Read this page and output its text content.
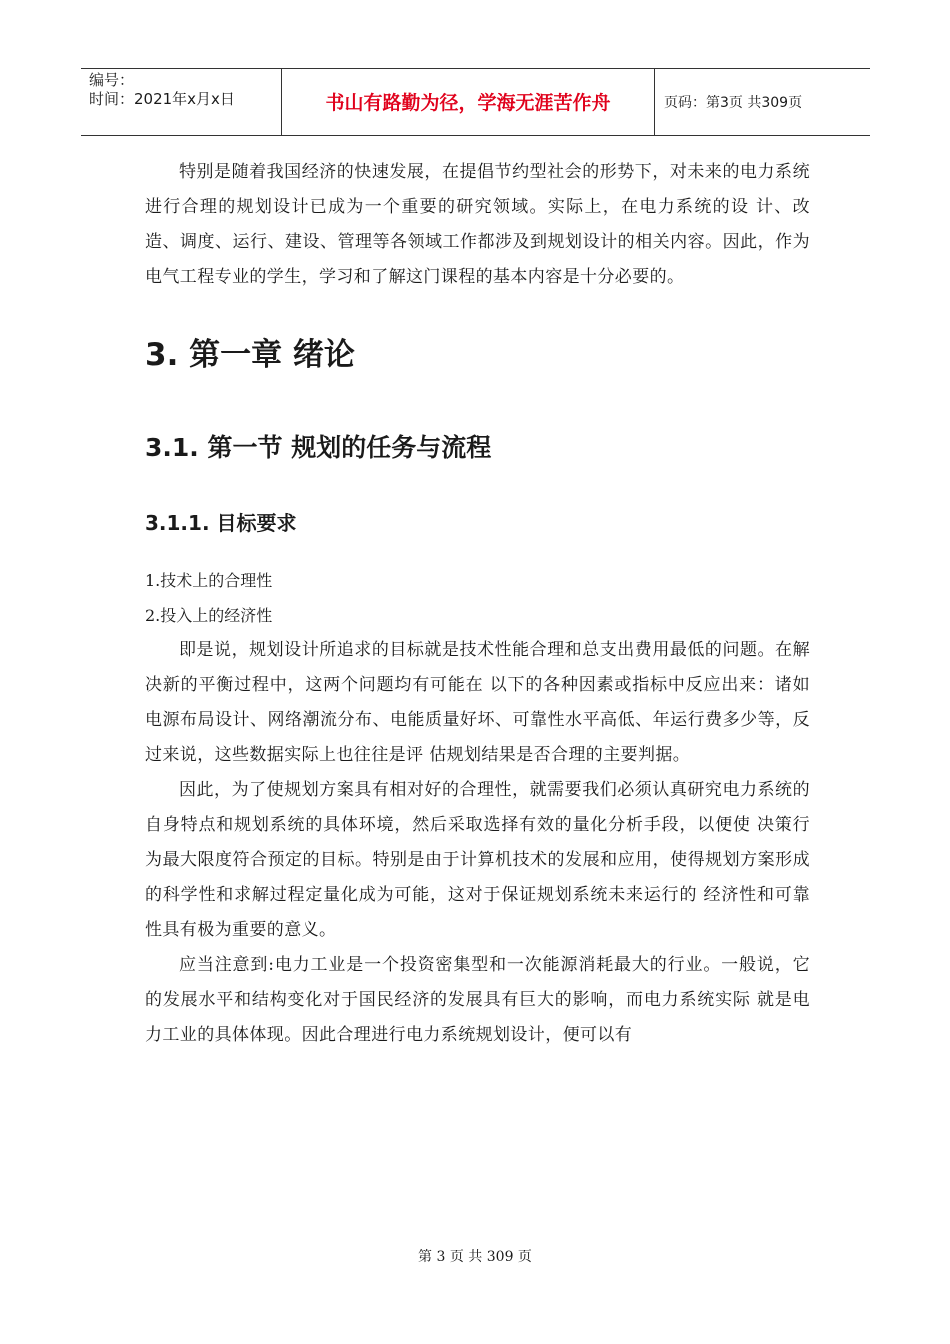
编号：
时间：2021年x月x日	书山有路勤为径，学海无涯苦作舟	页码：第3页 共309页

特别是随着我国经济的快速发展，在提倡节约型社会的形势下，对未来的电力系统进行合理的规划设计已成为一个重要的研究领域。实际上，在电力系统的设 计、改造、调度、运行、建设、管理等各领域工作都涉及到规划设计的相关内容。因此，作为电气工程专业的学生，学习和了解这门课程的基本内容是十分必要的。

3. 第一章 绪论
3.1. 第一节 规划的任务与流程
3.1.1. 目标要求

1.技术上的合理性

2.投入上的经济性

即是说，规划设计所追求的目标就是技术性能合理和总支出费用最低的问题。在解决新的平衡过程中，这两个问题均有可能在 以下的各种因素或指标中反应出来：诸如电源布局设计、网络潮流分布、电能质量好坏、可靠性水平高低、年运行费多少等，反过来说，这些数据实际上也往往是评 估规划结果是否合理的主要判据。

因此，为了使规划方案具有相对好的合理性，就需要我们必须认真研究电力系统的自身特点和规划系统的具体环境，然后采取选择有效的量化分析手段，以便使 决策行为最大限度符合预定的目标。特别是由于计算机技术的发展和应用，使得规划方案形成的科学性和求解过程定量化成为可能，这对于保证规划系统未来运行的 经济性和可靠性具有极为重要的意义。

应当注意到:电力工业是一个投资密集型和一次能源消耗最大的行业。一般说，它的发展水平和结构变化对于国民经济的发展具有巨大的影响，而电力系统实际 就是电力工业的具体体现。因此合理进行电力系统规划设计，便可以有

第 3 页 共 309 页
